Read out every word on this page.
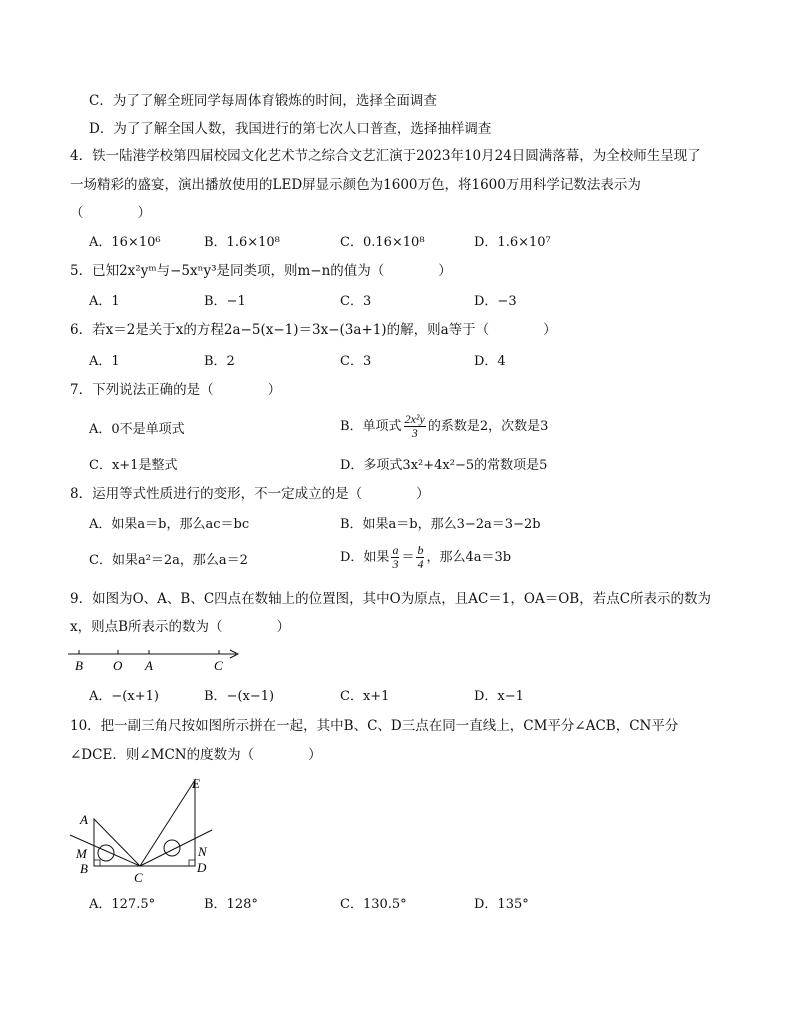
C．为了了解全班同学每周体育锻炼的时间，选择全面调查
D．为了了解全国人数，我国进行的第七次人口普查，选择抽样调查
4．铁一陆港学校第四届校园文化艺术节之综合文艺汇演于2023年10月24日圆满落幕，为全校师生呈现了
一场精彩的盛宴，演出播放使用的LED屏显示颜色为1600万色，将1600万用科学记数法表示为
（　　　　）
A．16×10⁶	B．1.6×10⁸	C．0.16×10⁸	D．1.6×10⁷
5．已知2x²yᵐ与−5xⁿy³是同类项，则m−n的值为（　　　　）
A．1	B．−1	C．3	D．−3
6．若x＝2是关于x的方程2a−5(x−1)＝3x−(3a+1)的解，则a等于（　　　　）
A．1	B．2	C．3	D．4
7．下列说法正确的是（　　　　）
A．0不是单项式	B．单项式 $\frac{\text{2x²y}}{3}$ 的系数是2，次数是3
C．x+1是整式	D．多项式3x²+4x²−5的常数项是5
8．运用等式性质进行的变形，不一定成立的是（　　　　）
A．如果a＝b，那么ac＝bc	B．如果a＝b，那么3−2a＝3−2b
C．如果a²＝2a，那么a＝2	D．如果 $\frac{a}{3} = \frac{b}{4}$ ，那么4a＝3b
9．如图为O、A、B、C四点在数轴上的位置图，其中O为原点，且AC＝1，OA＝OB，若点C所表示的数为
x，则点B所表示的数为（　　　　）
B O A	C
A．−(x+1)	B．−(x−1)	C．x+1	D．x−1
10．把一副三角尺按如图所示拼在一起，其中B、C、D三点在同一直线上，CM平分∠ACB，CN平分
∠DCE．则∠MCN的度数为（　　　　）
E
A
M
B
C
N
D
A．127.5°	B．128°	C．130.5°	D．135°
